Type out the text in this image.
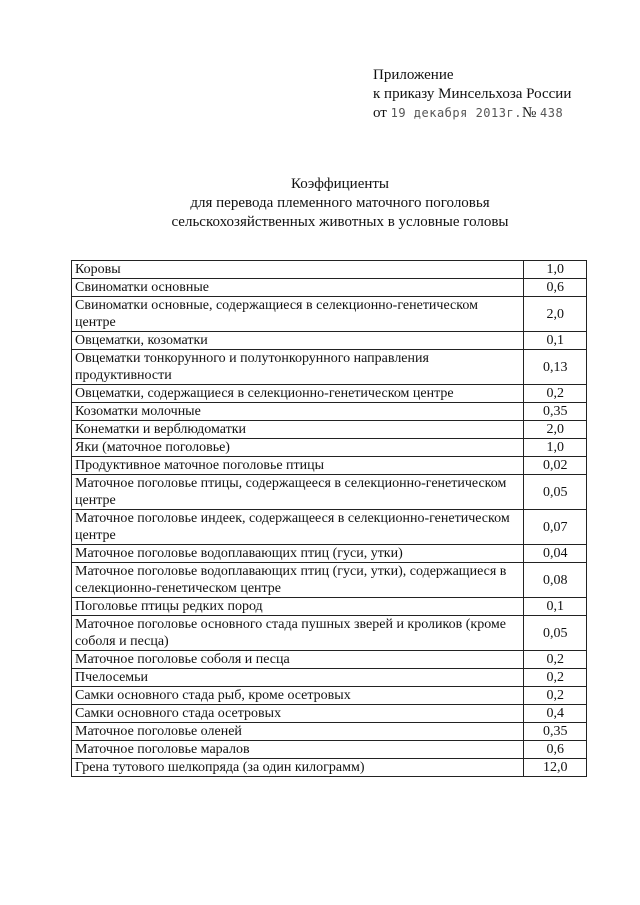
Приложение
к приказу Минсельхоза России
от 19 декабря 2013г.№ 438
Коэффициенты
для перевода племенного маточного поголовья
сельскохозяйственных животных в условные головы
Коровы	1,0
Свиноматки основные	0,6
Свиноматки основные, содержащиеся в селекционно-генетическом центре	2,0
Овцематки, козоматки	0,1
Овцематки тонкорунного и полутонкорунного направления продуктивности	0,13
Овцематки, содержащиеся в селекционно-генетическом центре	0,2
Козоматки молочные	0,35
Конематки и верблюдоматки	2,0
Яки (маточное поголовье)	1,0
Продуктивное маточное поголовье птицы	0,02
Маточное поголовье птицы, содержащееся в селекционно-генетическом центре	0,05
Маточное поголовье индеек, содержащееся в селекционно-генетическом центре	0,07
Маточное поголовье водоплавающих птиц (гуси, утки)	0,04
Маточное поголовье водоплавающих птиц (гуси, утки), содержащиеся в селекционно-генетическом центре	0,08
Поголовье птицы редких пород	0,1
Маточное поголовье основного стада пушных зверей и кроликов (кроме соболя и песца)	0,05
Маточное поголовье соболя и песца	0,2
Пчелосемьи	0,2
Самки основного стада рыб, кроме осетровых	0,2
Самки основного стада осетровых	0,4
Маточное поголовье оленей	0,35
Маточное поголовье маралов	0,6
Грена тутового шелкопряда (за один килограмм)	12,0
